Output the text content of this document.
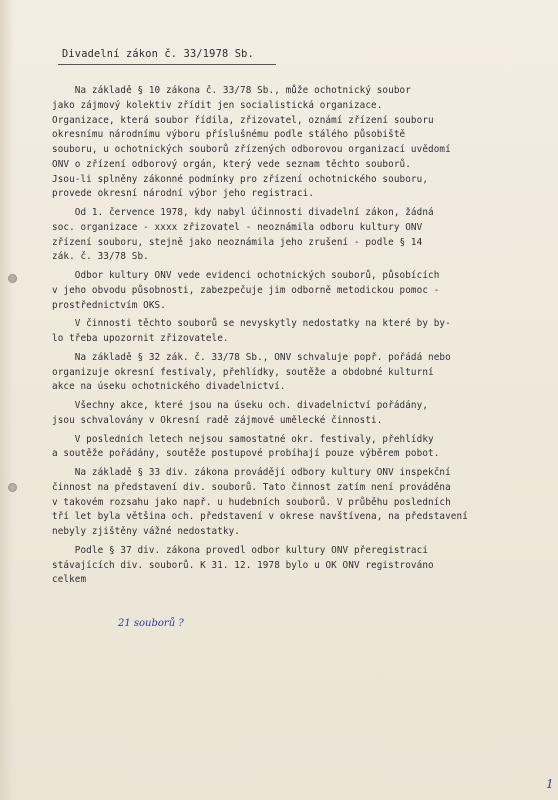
Divadelní zákon č. 33/1978 Sb.
Na základě § 10 zákona č. 33/78 Sb., může ochotnický soubor
jako zájmový kolektiv zřídit jen socialistická organizace.
Organizace, která soubor řídila, zřizovatel, oznámí zřízení souboru
okresnímu národnímu výboru příslušnému podle stálého působiště
souboru, u ochotnických souborů zřízených odborovou organizací uvědomí
ONV o zřízení odborový orgán, který vede seznam těchto souborů.
Jsou-li splněny zákonné podmínky pro zřízení ochotnického souboru,
provede okresní národní výbor jeho registraci.
Od 1. července 1978, kdy nabyl účinnosti divadelní zákon, žádná
soc. organizace - xxxx zřizovatel - neoznámila odboru kultury ONV
zřízení souboru, stejně jako neoznámila jeho zrušení - podle § 14
zák. č. 33/78 Sb.
Odbor kultury ONV vede evidenci ochotnických souborů, působících
v jeho obvodu působnosti, zabezpečuje jim odborně metodickou pomoc -
prostřednictvím OKS.
V činnosti těchto souborů se nevyskytly nedostatky na které by by-
lo třeba upozornit zřizovatele.
Na základě § 32 zák. č. 33/78 Sb., ONV schvaluje popř. pořádá nebo
organizuje okresní festivaly, přehlídky, soutěže a obdobné kulturní
akce na úseku ochotnického divadelnictví.
Všechny akce, které jsou na úseku och. divadelnictví pořádány,
jsou schvalovány v Okresní radě zájmové umělecké činnosti.
V posledních letech nejsou samostatné okr. festivaly, přehlídky
a soutěže pořádány, soutěže postupové probíhají pouze výběrem pobot.
Na základě § 33 div. zákona provádějí odbory kultury ONV inspekční
činnost na představení div. souborů. Tato činnost zatím není prováděna
v takovém rozsahu jako např. u hudebních souborů. V průběhu posledních
tří let byla většina och. představení v okrese navštívena, na představení
nebyly zjištěny vážné nedostatky.
Podle § 37 div. zákona provedl odbor kultury ONV přeregistraci
stávajících div. souborů. K 31. 12. 1978 bylo u OK ONV registrováno
celkem
21 souborů ?
1
